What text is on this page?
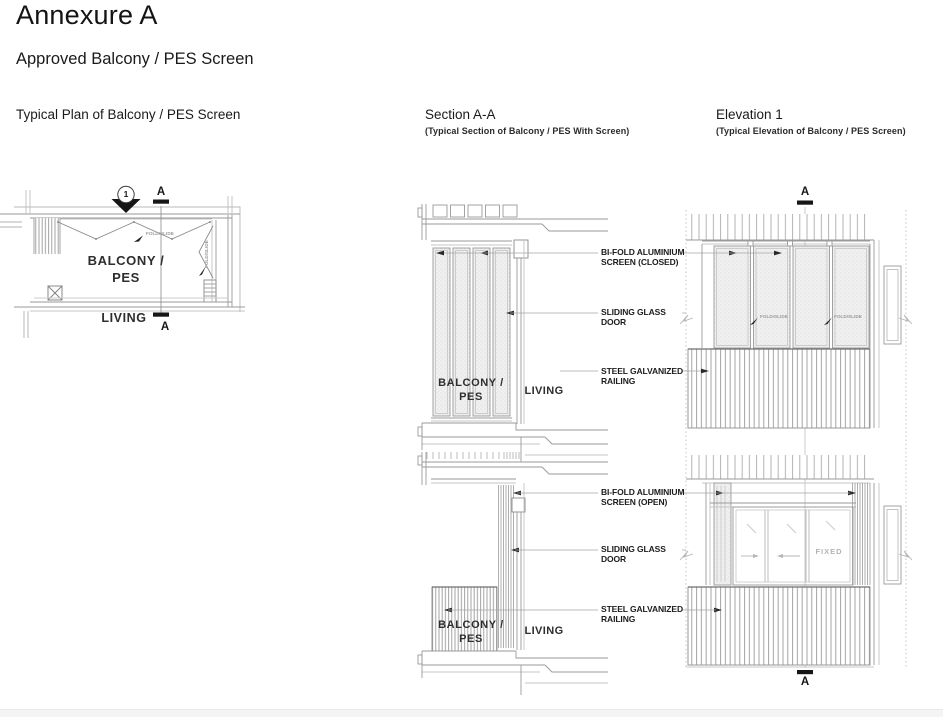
Annexure A
Approved Balcony / PES Screen
Typical Plan of Balcony / PES Screen	Section A-A
(Typical Section of Balcony / PES With Screen)
Elevation 1
(Typical Elevation of Balcony / PES Screen)
1	A
A
BALCONY /
PES
LIVING
FOLD/SLIDE
FOLD/SLIDE
BALCONY /
PES	LIVING
BALCONY /
PES
LIVING
A
A
FOLD/SLIDE	FOLD/SLIDE
FIXED
BI-FOLD ALUMINIUM
SCREEN (CLOSED)
SLIDING GLASS
DOOR
STEEL GALVANIZED
RAILING
BI-FOLD ALUMINIUM
SCREEN (OPEN)
SLIDING GLASS
DOOR
STEEL GALVANIZED
RAILING
